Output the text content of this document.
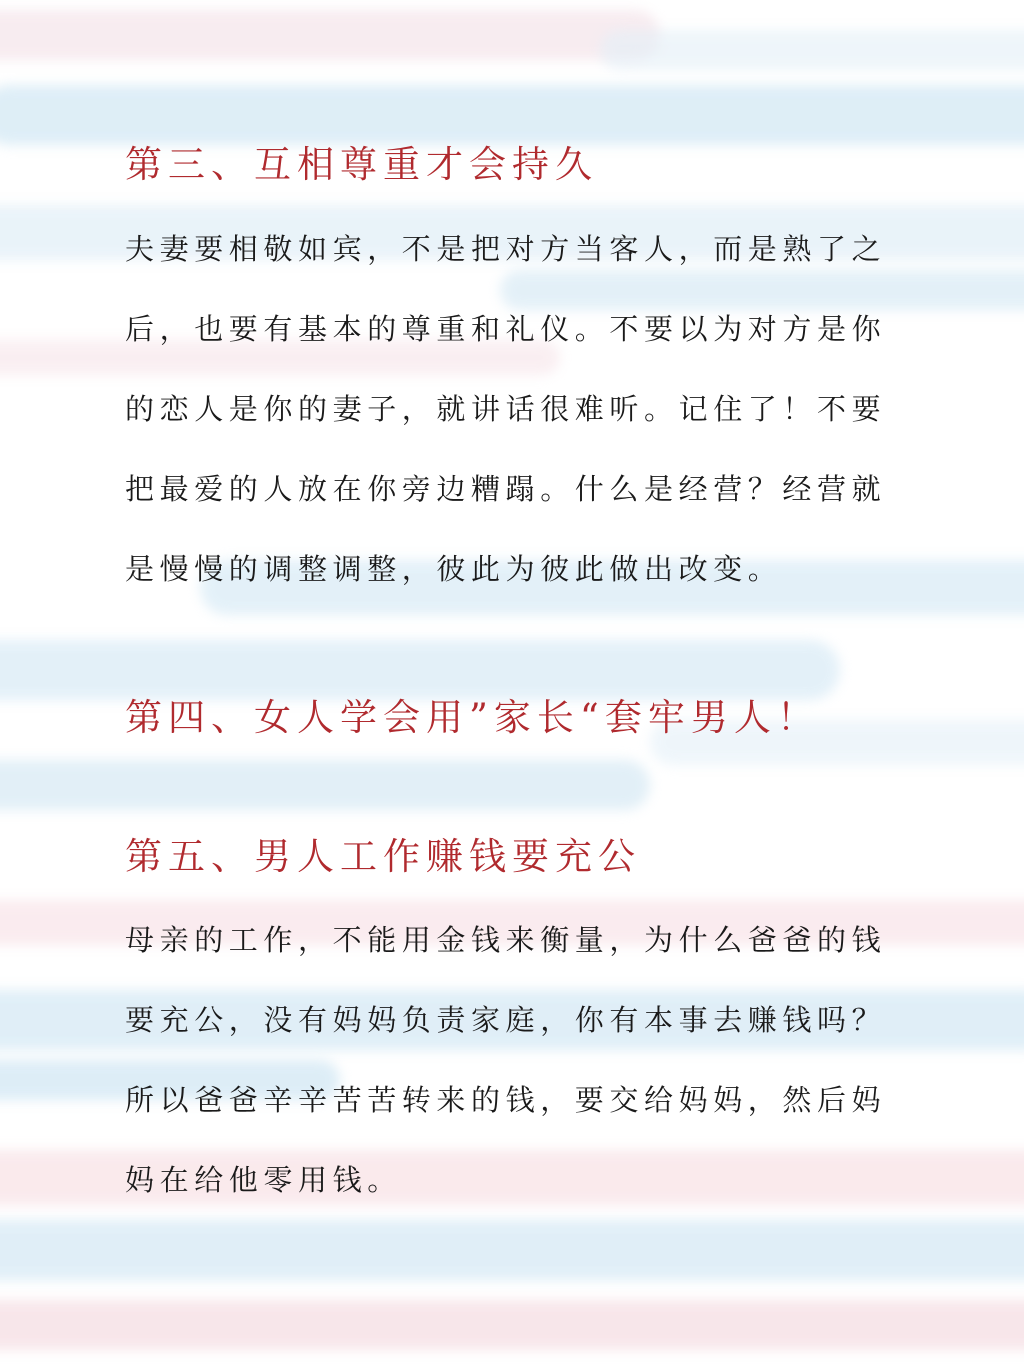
第三、互相尊重才会持久

夫妻要相敬如宾，不是把对方当客人，而是熟了之
后，也要有基本的尊重和礼仪。不要以为对方是你
的恋人是你的妻子，就讲话很难听。记住了！不要
把最爱的人放在你旁边糟蹋。什么是经营？经营就
是慢慢的调整调整，彼此为彼此做出改变。

第四、女人学会用”家长“套牢男人！
第五、男人工作赚钱要充公

母亲的工作，不能用金钱来衡量，为什么爸爸的钱
要充公，没有妈妈负责家庭，你有本事去赚钱吗？
所以爸爸辛辛苦苦转来的钱，要交给妈妈，然后妈
妈在给他零用钱。
